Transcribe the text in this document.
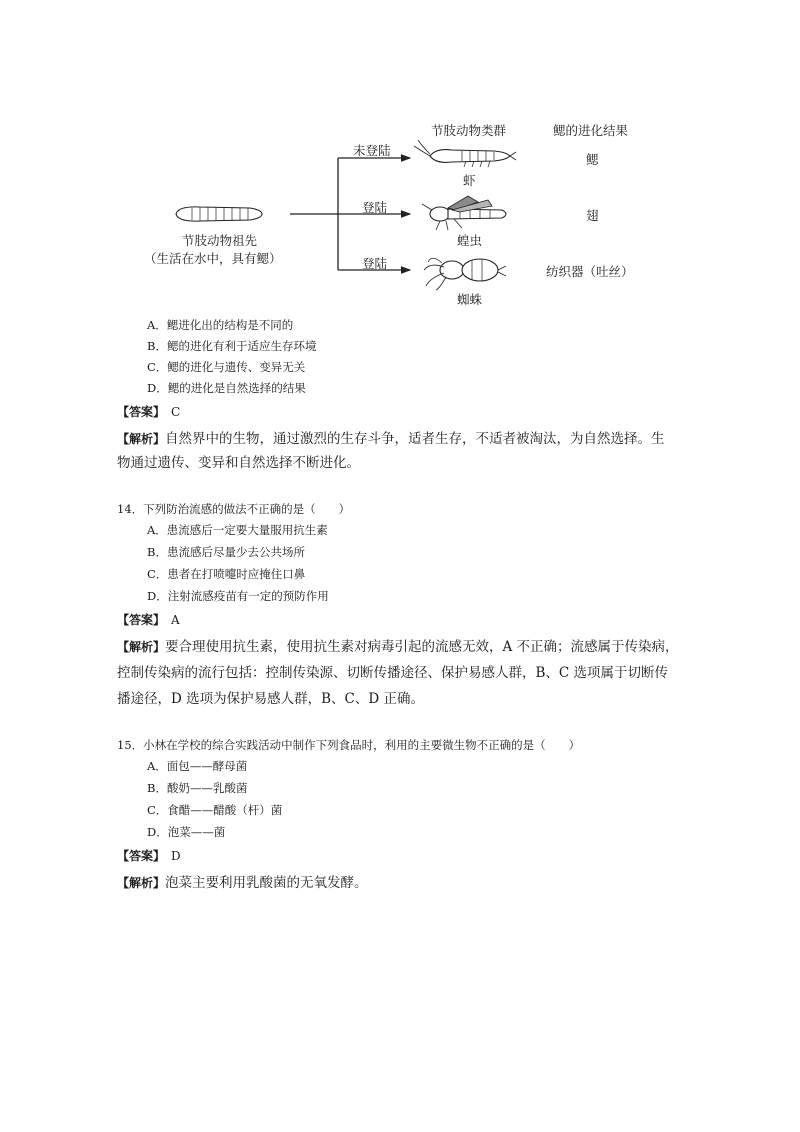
节肢动物类群	鳃的进化结果
未登陆
登陆
登陆
虾
蝗虫
蜘蛛
鳃
翅
纺织器（吐丝）
节肢动物祖先
（生活在水中，具有鳃）
A．鳃进化出的结构是不同的
B．鳃的进化有利于适应生存环境
C．鳃的进化与遗传、变异无关
D．鳃的进化是自然选择的结果
【答案】 C
【解析】自然界中的生物，通过激烈的生存斗争，适者生存，不适者被淘汰，为自然选择。生
物通过遗传、变异和自然选择不断进化。
14．下列防治流感的做法不正确的是（　　）
A．患流感后一定要大量服用抗生素
B．患流感后尽量少去公共场所
C．患者在打喷嚏时应掩住口鼻
D．注射流感疫苗有一定的预防作用
【答案】 A
【解析】要合理使用抗生素，使用抗生素对病毒引起的流感无效，A 不正确；流感属于传染病，
控制传染病的流行包括：控制传染源、切断传播途径、保护易感人群，B、C 选项属于切断传
播途径，D 选项为保护易感人群，B、C、D 正确。
15．小林在学校的综合实践活动中制作下列食品时，利用的主要微生物不正确的是（　　）
A．面包——酵母菌
B．酸奶——乳酸菌
C．食醋——醋酸（杆）菌
D．泡菜——菌
【答案】 D
【解析】泡菜主要利用乳酸菌的无氧发酵。
